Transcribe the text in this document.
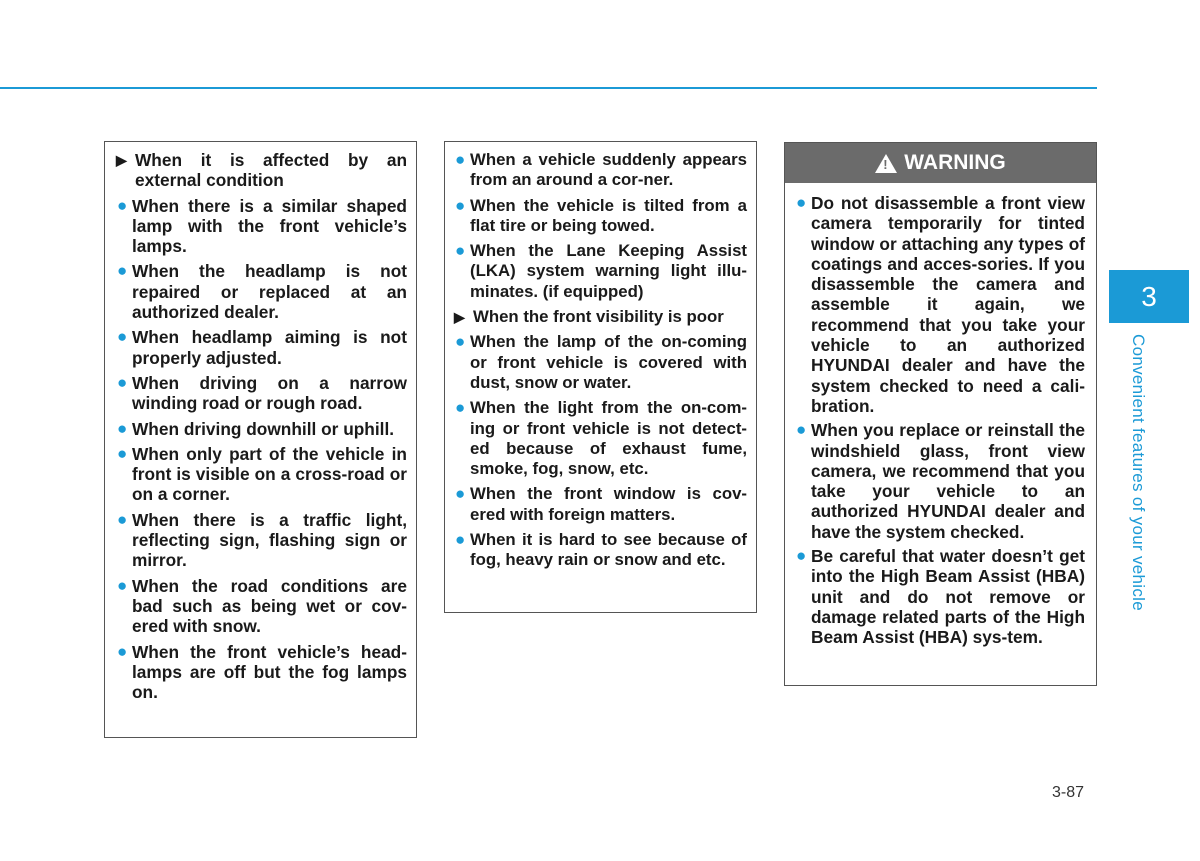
▶ When it is affected by an external condition
● When there is a similar shaped lamp with the front vehicle’s lamps.
● When the headlamp is not repaired or replaced at an authorized dealer.
● When headlamp aiming is not properly adjusted.
● When driving on a narrow winding road or rough road.
● When driving downhill or uphill.
● When only part of the vehicle in front is visible on a cross-road or on a corner.
● When there is a traffic light, reflecting sign, flashing sign or mirror.
● When the road conditions are bad such as being wet or cov-ered with snow.
● When the front vehicle’s head-lamps are off but the fog lamps on.
● When a vehicle suddenly appears from an around a cor-ner.
● When the vehicle is tilted from a flat tire or being towed.
● When the Lane Keeping Assist (LKA) system warning light illu-minates. (if equipped)
▶ When the front visibility is poor
● When the lamp of the on-coming or front vehicle is covered with dust, snow or water.
● When the light from the on-com-ing or front vehicle is not detect-ed because of exhaust fume, smoke, fog, snow, etc.
● When the front window is cov-ered with foreign matters.
● When it is hard to see because of fog, heavy rain or snow and etc.
! WARNING
● Do not disassemble a front view camera temporarily for tinted window or attaching any types of coatings and acces-sories. If you disassemble the camera and assemble it again, we recommend that you take your vehicle to an authorized HYUNDAI dealer and have the system checked to need a cali-bration.
● When you replace or reinstall the windshield glass, front view camera, we recommend that you take your vehicle to an authorized HYUNDAI dealer and have the system checked.
● Be careful that water doesn’t get into the High Beam Assist (HBA) unit and do not remove or damage related parts of the High Beam Assist (HBA) sys-tem.
3
Convenient features of your vehicle
3-87
